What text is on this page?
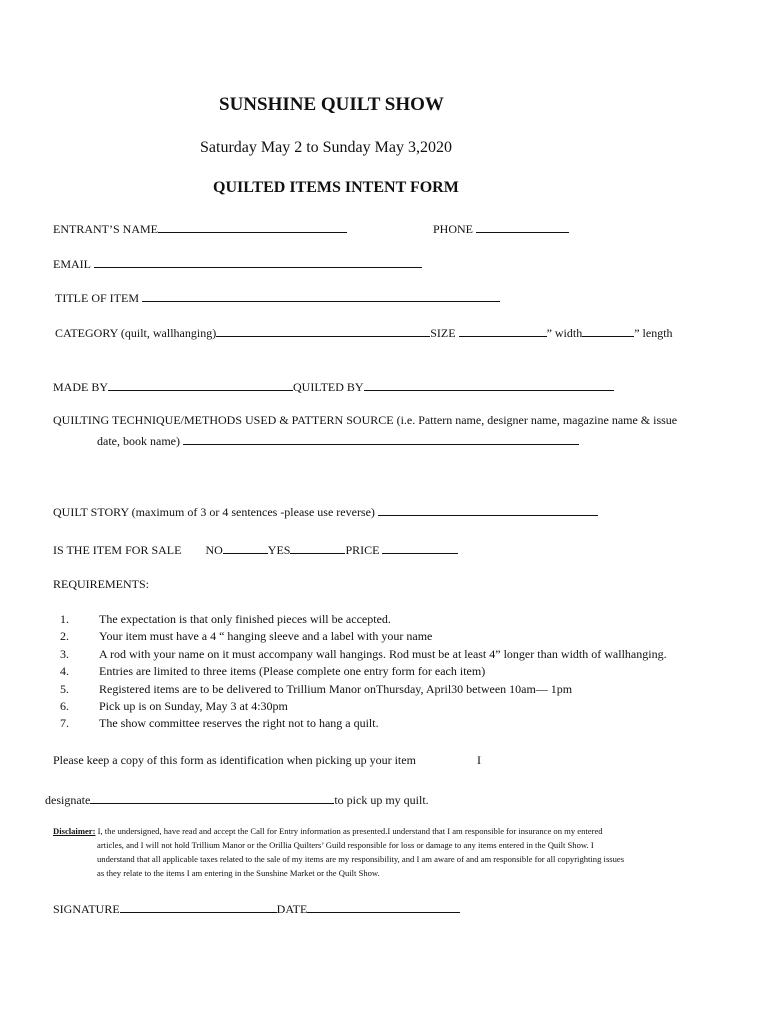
SUNSHINE QUILT SHOW
Saturday May 2 to Sunday May 3,2020
QUILTED ITEMS INTENT FORM
ENTRANT’S NAME	PHONE
EMAIL
TITLE OF ITEM
CATEGORY (quilt, wallhanging)	SIZE	” width	” length
MADE BY	QUILTED BY
QUILTING TECHNIQUE/METHODS USED & PATTERN SOURCE (i.e. Pattern name, designer name, magazine name & issue
date, book name)
QUILT STORY (maximum of 3 or 4 sentences -please use reverse)
IS THE ITEM FOR SALE NO	YES	PRICE
REQUIREMENTS:
1.	The expectation is that only finished pieces will be accepted.
2.	Your item must have a 4 “ hanging sleeve and a label with your name
3.	A rod with your name on it must accompany wall hangings. Rod must be at least 4” longer than width of wallhanging.
4.	Entries are limited to three items (Please complete one entry form for each item)
5.	Registered items are to be delivered to Trillium Manor onThursday, April30 between 10am— 1pm
6.	Pick up is on Sunday, May 3 at 4:30pm
7.	The show committee reserves the right not to hang a quilt.
Please keep a copy of this form as identification when picking up your item	I
designate	to pick up my quilt.
Disclaimer: I, the undersigned, have read and accept the Call for Entry information as presented.I understand that I am responsible for insurance on my entered
articles, and I will not hold Trillium Manor or the Orillia Quilters’ Guild responsible for loss or damage to any items entered in the Quilt Show. I
understand that all applicable taxes related to the sale of my items are my responsibility, and I am aware of and am responsible for all copyrighting issues
as they relate to the items I am entering in the Sunshine Market or the Quilt Show.
SIGNATURE	DATE
